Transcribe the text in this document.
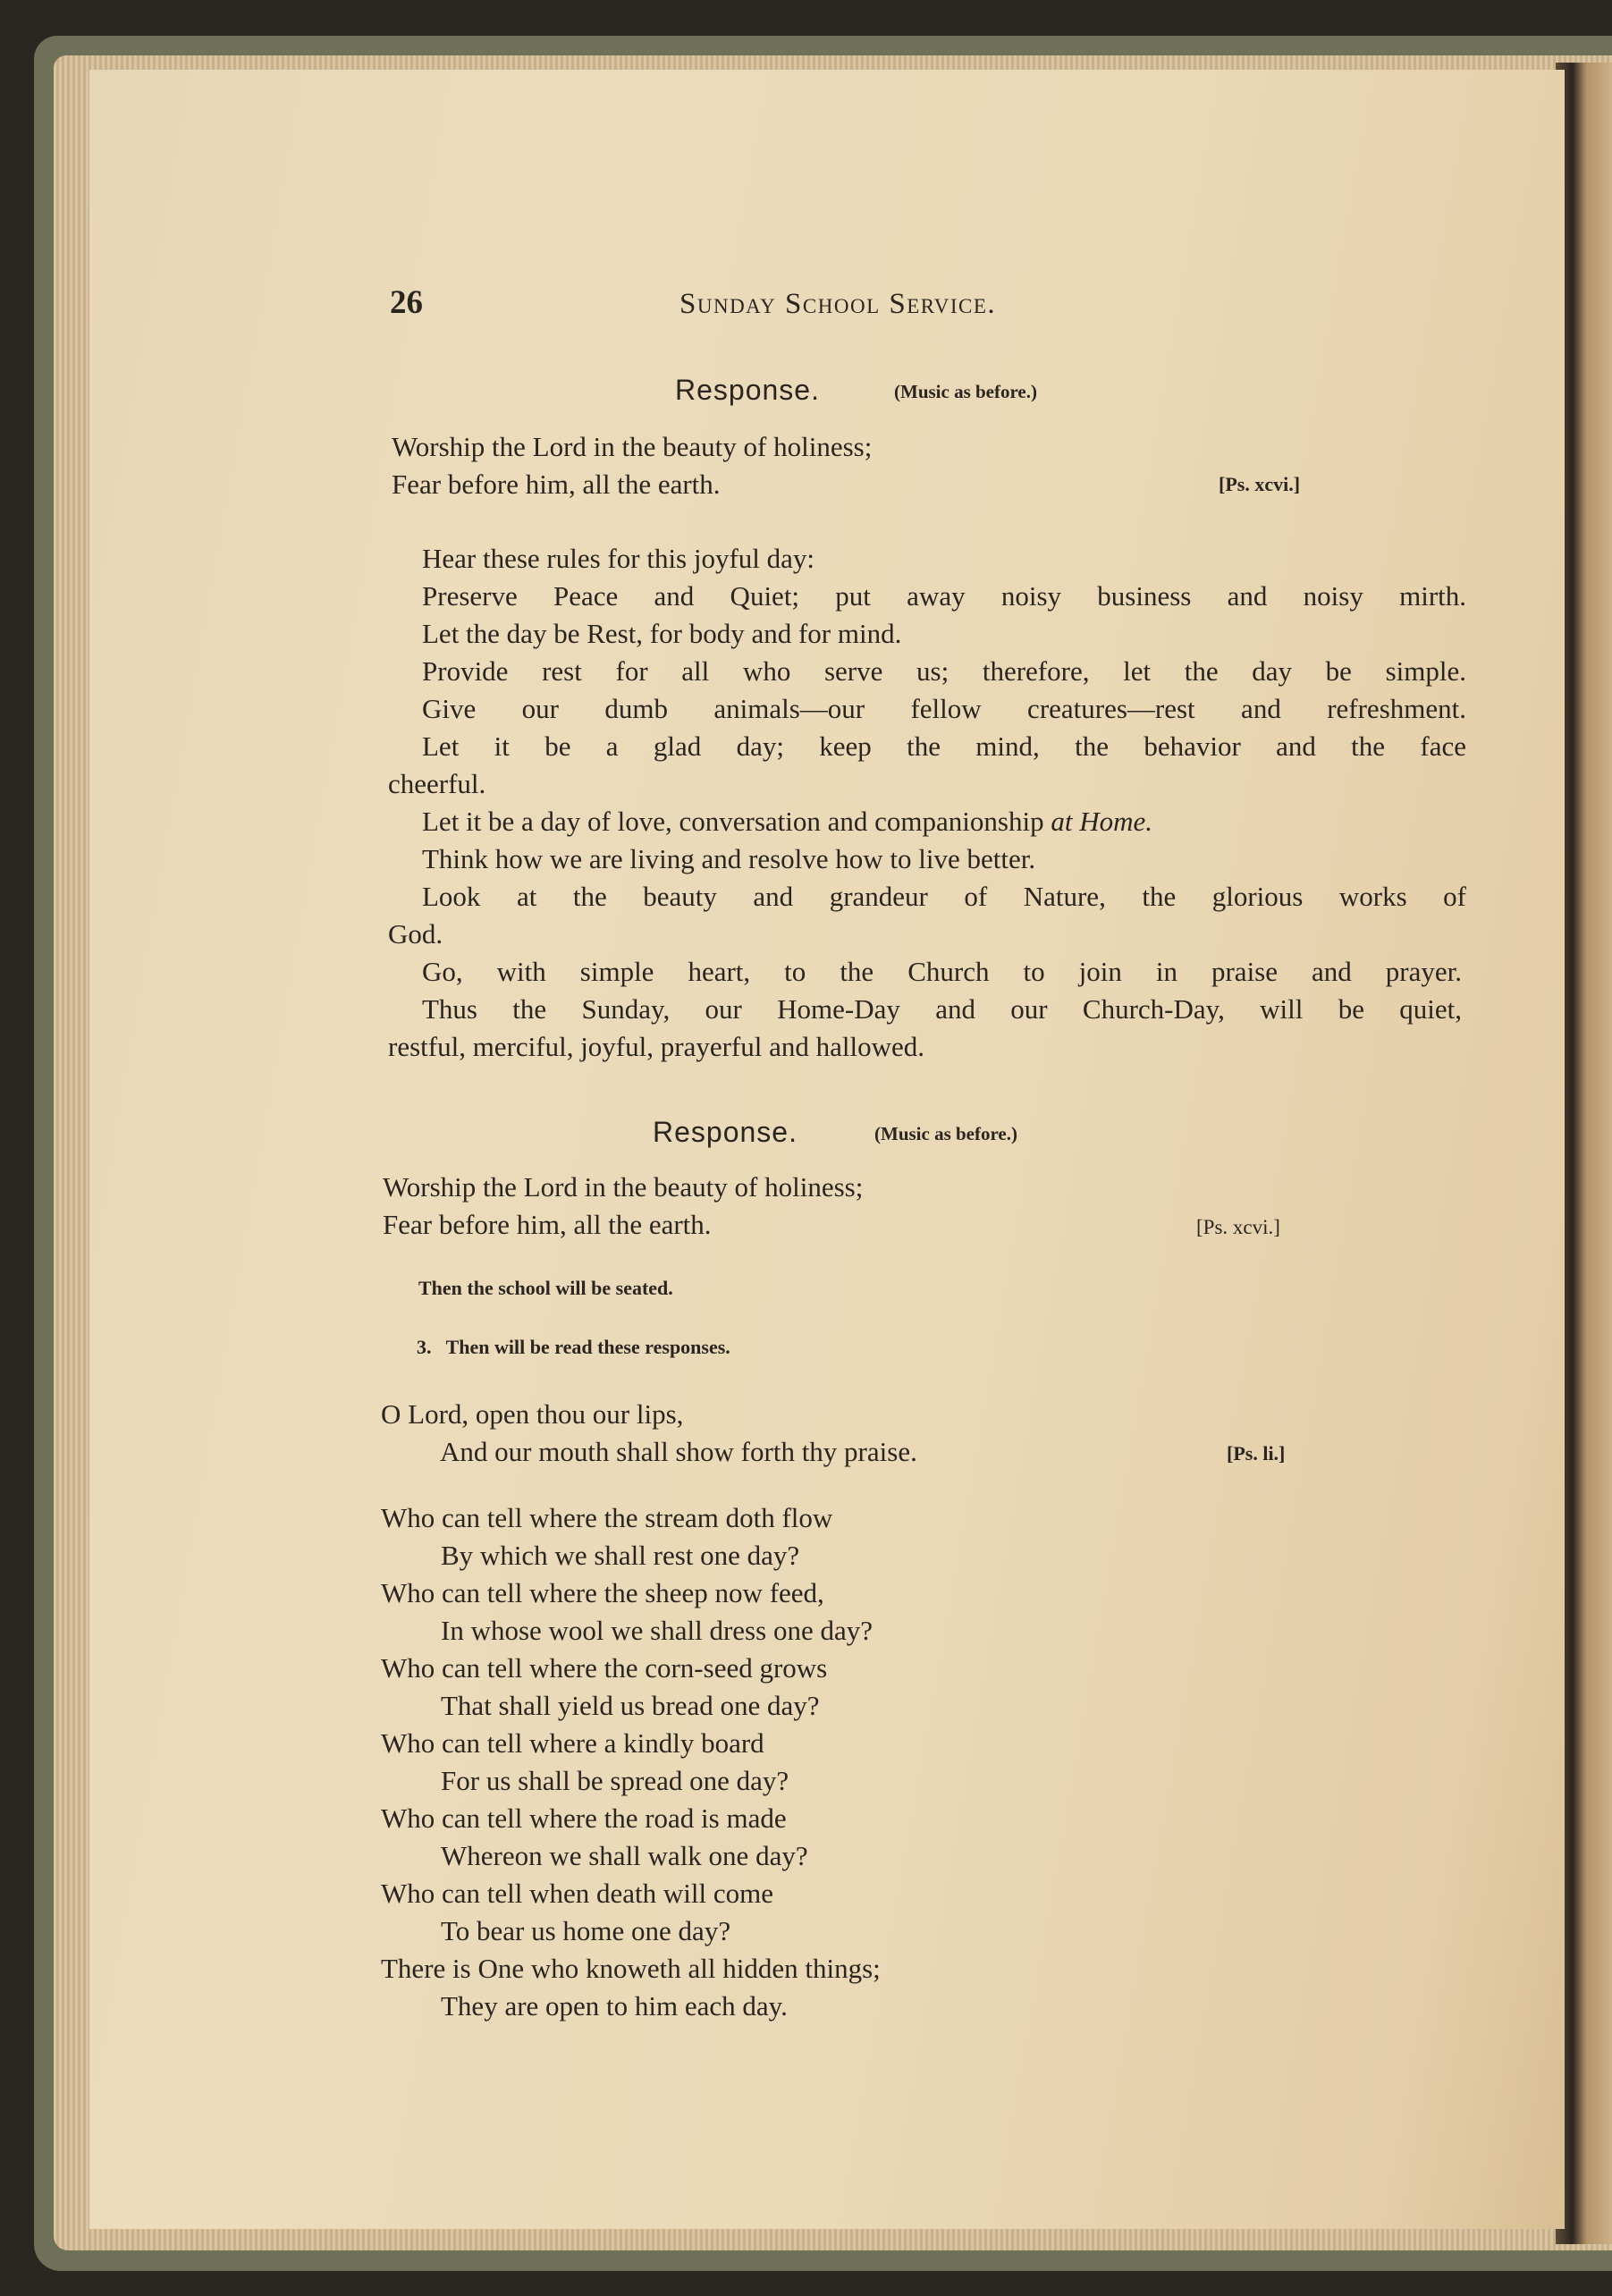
26	Sunday School Service.
Response.	(Music as before.)
Worship the Lord in the beauty of holiness;
Fear before him, all the earth.	[Ps. xcvi.]
Hear these rules for this joyful day:
Preserve Peace and Quiet; put away noisy business and noisy mirth.
Let the day be Rest, for body and for mind.
Provide rest for all who serve us; therefore, let the day be simple.
Give our dumb animals—our fellow creatures—rest and refreshment.
Let it be a glad day; keep the mind, the behavior and the face
cheerful.
Let it be a day of love, conversation and companionship at Home.
Think how we are living and resolve how to live better.
Look at the beauty and grandeur of Nature, the glorious works of
God.
Go, with simple heart, to the Church to join in praise and prayer.
Thus the Sunday, our Home-Day and our Church-Day, will be quiet,
restful, merciful, joyful, prayerful and hallowed.
Response.	(Music as before.)
Worship the Lord in the beauty of holiness;
Fear before him, all the earth.	[Ps. xcvi.]
Then the school will be seated.
3.   Then will be read these responses.
O Lord, open thou our lips,
And our mouth shall show forth thy praise.	[Ps. li.]
Who can tell where the stream doth flow
By which we shall rest one day?
Who can tell where the sheep now feed,
In whose wool we shall dress one day?
Who can tell where the corn-seed grows
That shall yield us bread one day?
Who can tell where a kindly board
For us shall be spread one day?
Who can tell where the road is made
Whereon we shall walk one day?
Who can tell when death will come
To bear us home one day?
There is One who knoweth all hidden things;
They are open to him each day.
